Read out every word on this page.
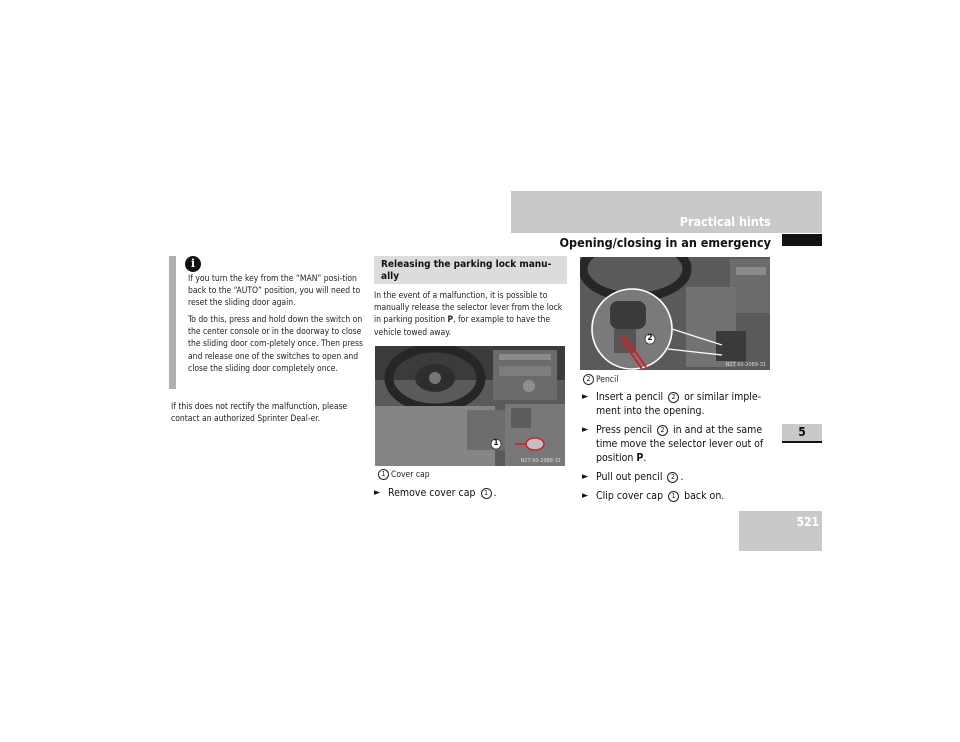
Practical hints
Opening/closing in an emergency
5
521
i
If you turn the key from the “MAN” posi-tion back to the “AUTO” position, you will need to reset the sliding door again.
To do this, press and hold down the switch on the center console or in the doorway to close the sliding door com-pletely once. Then press and release one of the switches to open and close the sliding door completely once.
If this does not rectify the malfunction, please contact an authorized Sprinter Deal-er.
Releasing the parking lock manu-ally
In the event of a malfunction, it is possible to manually release the selector lever from the lock in parking position P, for example to have the vehicle towed away.
1
N27.60-2088-31
1 Cover cap
► Remove cover cap 1 .
2
N27.60-2089-31
2 Pencil
► Insert a pencil 2 or similar imple-ment into the opening.
► Press pencil 2 in and at the same time move the selector lever out of position P.
► Pull out pencil 2 .
► Clip cover cap 1 back on.
